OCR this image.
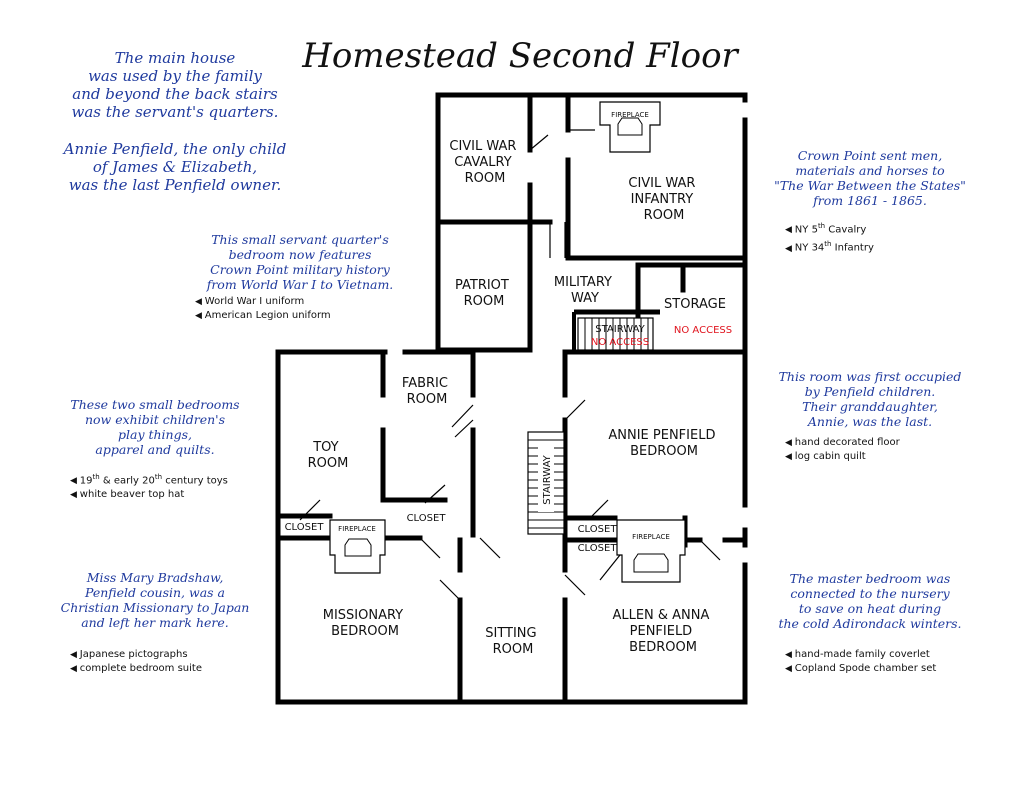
Homestead Second Floor

The main house

was used by the family

and beyond the back stairs

was the servant's quarters.

Annie Penfield, the only child

of James & Elizabeth,

was the last Penfield owner.

This small servant quarter's

bedroom now features

Crown Point military history

from World War I to Vietnam.

◀ World War I uniform
◀ American Legion uniform

These two small bedrooms

now exhibit children's

play things,

apparel and quilts.

◀ 19th & early 20th century toys
◀ white beaver top hat

Miss Mary Bradshaw,

Penfield cousin, was a

Christian Missionary to Japan

and left her mark here.

◀ Japanese pictographs
◀ complete bedroom suite

Crown Point sent men,

materials and horses to

"The War Between the States"

from 1861 - 1865.

◀ NY 5th Cavalry
◀ NY 34th Infantry

This room was first occupied

by Penfield children.

Their granddaughter,

Annie, was the last.

◀ hand decorated floor
◀ log cabin quilt

The master bedroom was

connected to the nursery

to save on heat during

the cold Adirondack winters.

◀ hand-made family coverlet
◀ Copland Spode chamber set
CIVIL WAR CAVALRY ROOM	CIVIL WAR INFANTRY ROOM
PATRIOT ROOM
MILITARY WAY	STORAGE
STAIRWAY
NO ACCESS
NO ACCESS
FABRIC ROOM
TOY ROOM
ANNIE PENFIELD BEDROOM
STAIRWAY
CLOSET
CLOSET
CLOSET
CLOSET
FIREPLACE
FIREPLACE
FIREPLACE
MISSIONARY BEDROOM	SITTING ROOM
ALLEN & ANNA PENFIELD BEDROOM
